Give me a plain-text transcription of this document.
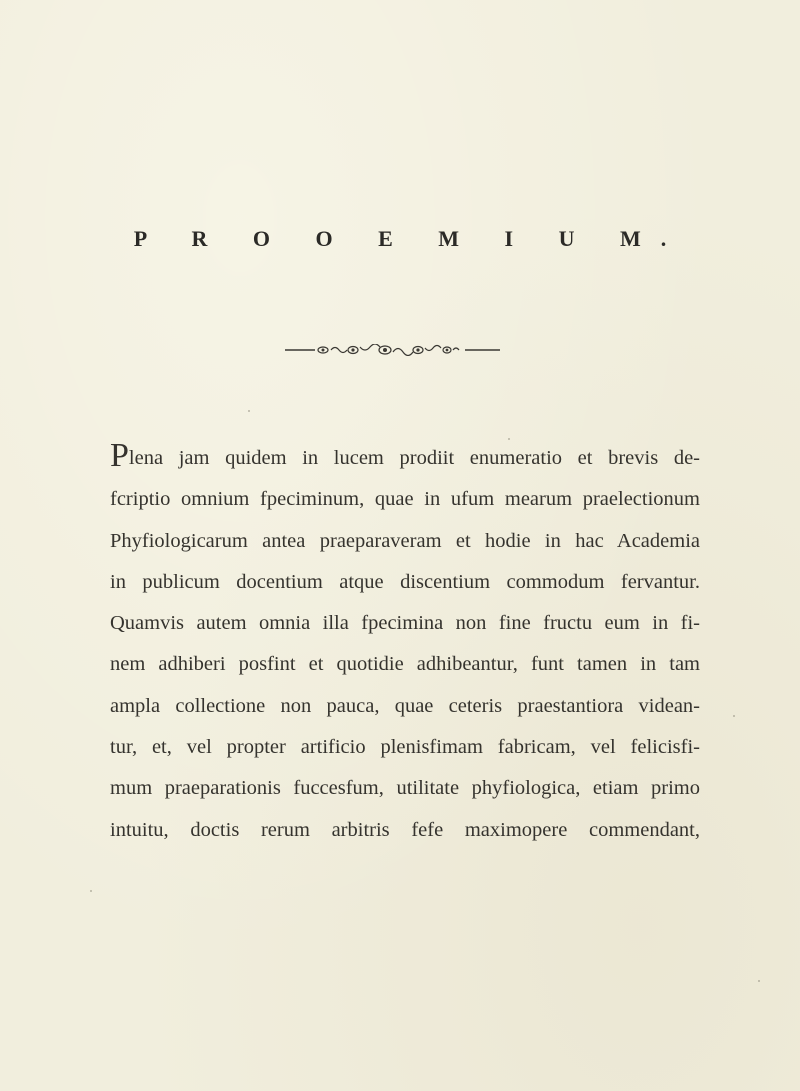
P R O O E M I U M.
Plena jam quidem in lucem prodiit enumeratio et brevis de-
fcriptio omnium fpeciminum, quae in ufum mearum praelectionum
Phyfiologicarum antea praeparaveram et hodie in hac Academia
in publicum docentium atque discentium commodum fervantur.
Quamvis autem omnia illa fpecimina non fine fructu eum in fi-
nem adhiberi posfint et quotidie adhibeantur, funt tamen in tam
ampla collectione non pauca, quae ceteris praestantiora videan-
tur, et, vel propter artificio plenisfimam fabricam, vel felicisfi-
mum praeparationis fuccesfum, utilitate phyfiologica, etiam primo
intuitu, doctis rerum arbitris fefe maximopere commendant,
